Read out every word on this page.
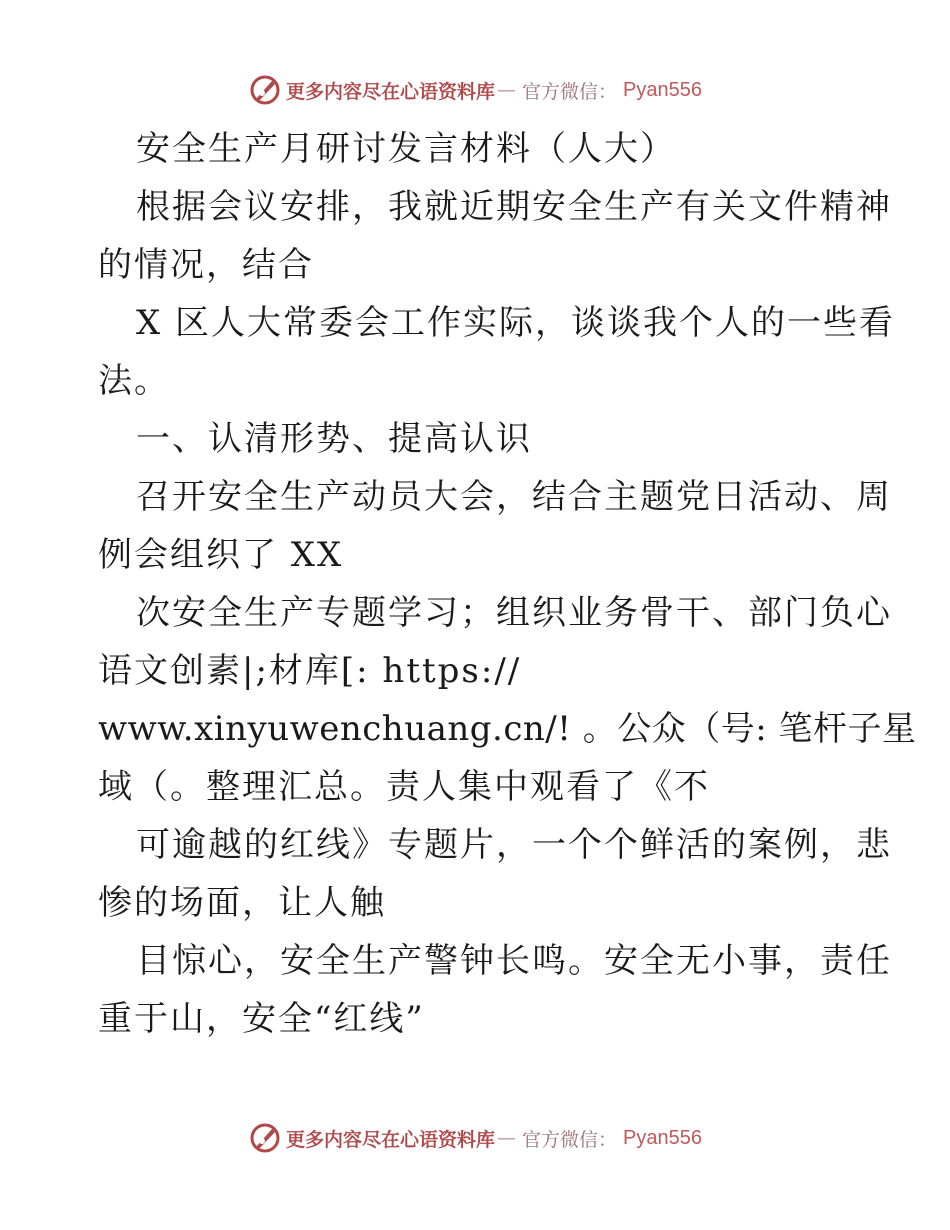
更多内容尽在心语资料库 — 官方微信： Pyan556
安全生产月研讨发言材料（人大）
根据会议安排，我就近期安全生产有关文件精神
的情况，结合
X 区人大常委会工作实际，谈谈我个人的一些看
法。
一、认清形势、提高认识
召开安全生产动员大会，结合主题党日活动、周
例会组织了 XX
次安全生产专题学习；组织业务骨干、部门负心
语文创素|;材库[: https://
www.xinyuwenchuang.cn/! 。公众（号: 笔杆子星
域（。整理汇总。责人集中观看了《不
可逾越的红线》专题片，一个个鲜活的案例，悲
惨的场面，让人触
目惊心，安全生产警钟长鸣。安全无小事，责任
重于山，安全“红线”
更多内容尽在心语资料库 — 官方微信： Pyan556
